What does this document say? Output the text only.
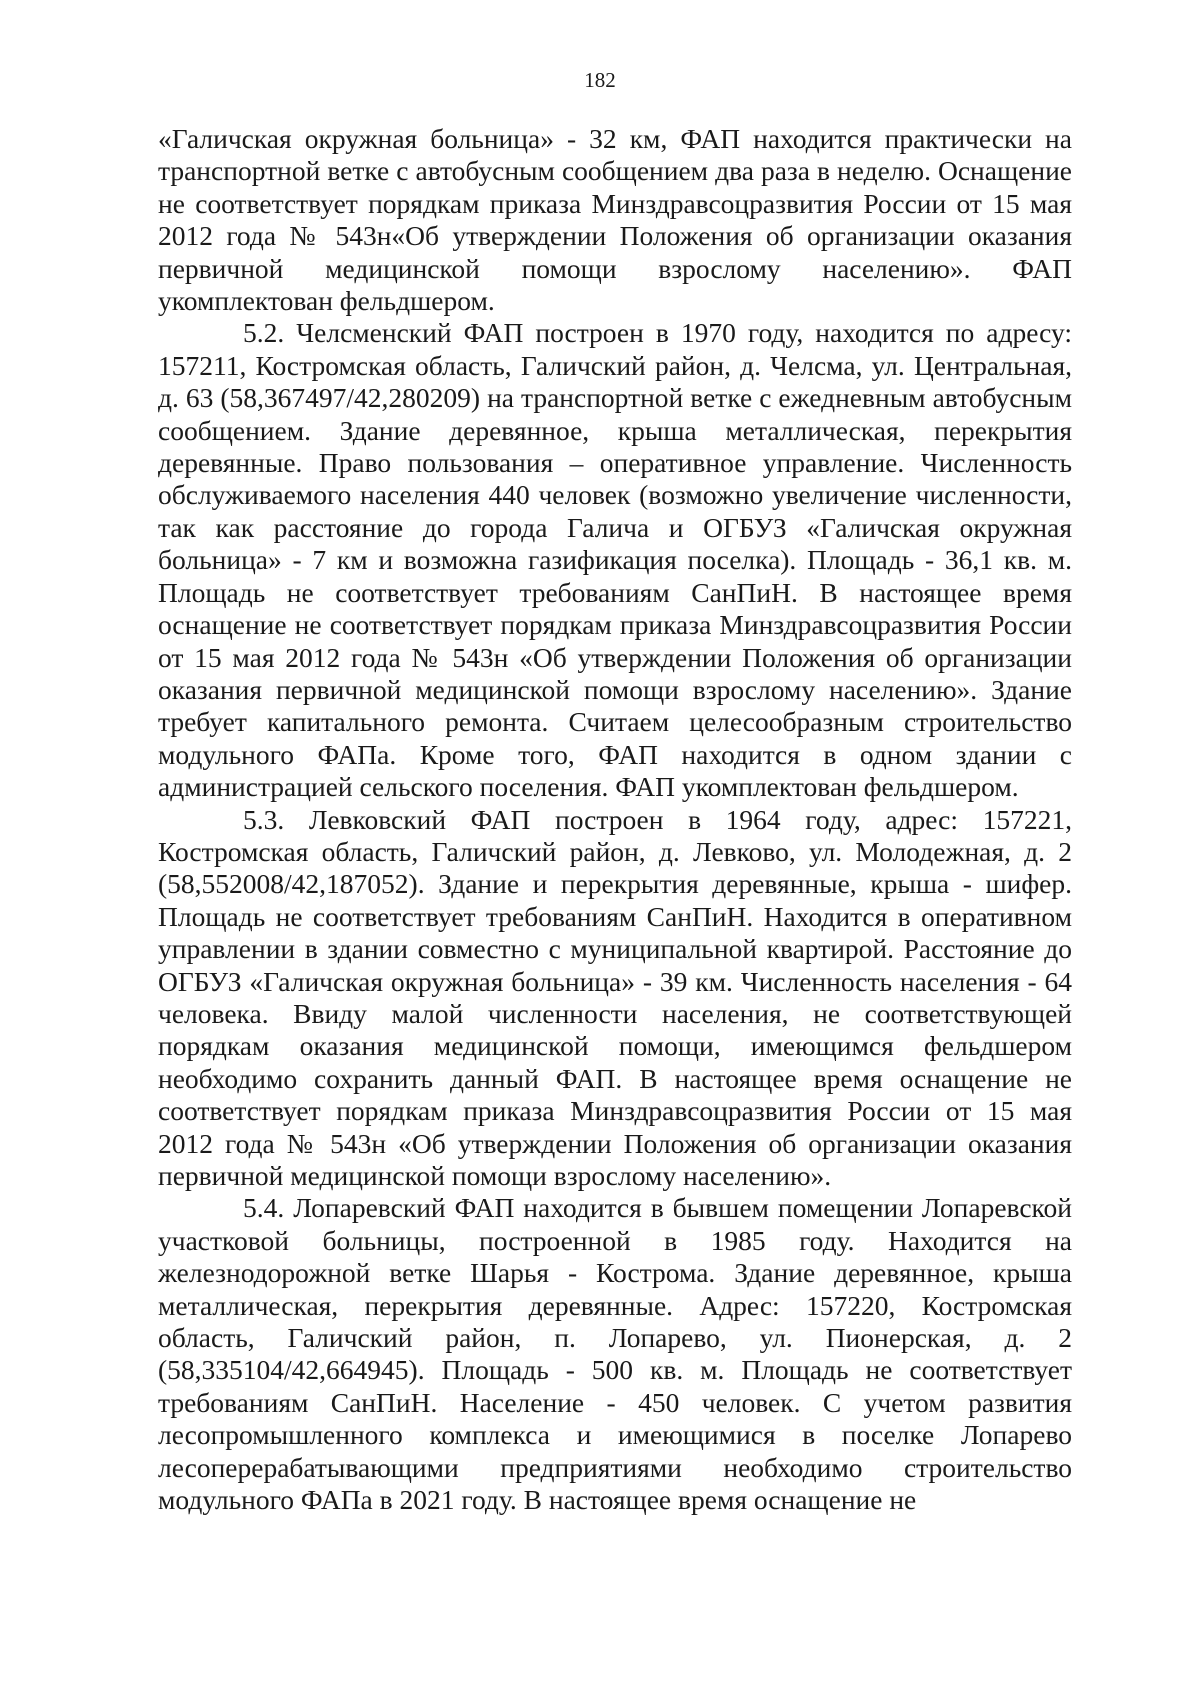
182

«Галичская окружная больница» - 32 км, ФАП находится практически на транспортной ветке с автобусным сообщением два раза в неделю. Оснащение не соответствует порядкам приказа Минздравсоцразвития России от 15 мая 2012 года № 543н«Об утверждении Положения об организации оказания первичной медицинской помощи взрослому населению». ФАП укомплектован фельдшером.

5.2. Челсменский ФАП построен в 1970 году, находится по адресу: 157211, Костромская область, Галичский район, д. Челсма, ул. Центральная, д. 63 (58,367497/42,280209) на транспортной ветке с ежедневным автобусным сообщением. Здание деревянное, крыша металлическая, перекрытия деревянные. Право пользования – оперативное управление. Численность обслуживаемого населения 440 человек (возможно увеличение численности, так как расстояние до города Галича и ОГБУЗ «Галичская окружная больница» - 7 км и возможна газификация поселка). Площадь - 36,1 кв. м. Площадь не соответствует требованиям СанПиН. В настоящее время оснащение не соответствует порядкам приказа Минздравсоцразвития России от 15 мая 2012 года № 543н «Об утверждении Положения об организации оказания первичной медицинской помощи взрослому населению». Здание требует капитального ремонта. Считаем целесообразным строительство модульного ФАПа. Кроме того, ФАП находится в одном здании с администрацией сельского поселения. ФАП укомплектован фельдшером.

5.3. Левковский ФАП построен в 1964 году, адрес: 157221, Костромская область, Галичский район, д. Левково, ул. Молодежная, д. 2 (58,552008/42,187052). Здание и перекрытия деревянные, крыша - шифер. Площадь не соответствует требованиям СанПиН. Находится в оперативном управлении в здании совместно с муниципальной квартирой. Расстояние до ОГБУЗ «Галичская окружная больница» - 39 км. Численность населения - 64 человека. Ввиду малой численности населения, не соответствующей порядкам оказания медицинской помощи, имеющимся фельдшером необходимо сохранить данный ФАП. В настоящее время оснащение не соответствует порядкам приказа Минздравсоцразвития России от 15 мая 2012 года № 543н «Об утверждении Положения об организации оказания первичной медицинской помощи взрослому населению».

5.4. Лопаревский ФАП находится в бывшем помещении Лопаревской участковой больницы, построенной в 1985 году. Находится на железнодорожной ветке Шарья - Кострома. Здание деревянное, крыша металлическая, перекрытия деревянные. Адрес: 157220, Костромская область, Галичский район, п. Лопарево, ул. Пионерская, д. 2 (58,335104/42,664945). Площадь - 500 кв. м. Площадь не соответствует требованиям СанПиН. Население - 450 человек. С учетом развития лесопромышленного комплекса и имеющимися в поселке Лопарево лесоперерабатывающими предприятиями необходимо строительство модульного ФАПа в 2021 году. В настоящее время оснащение не
